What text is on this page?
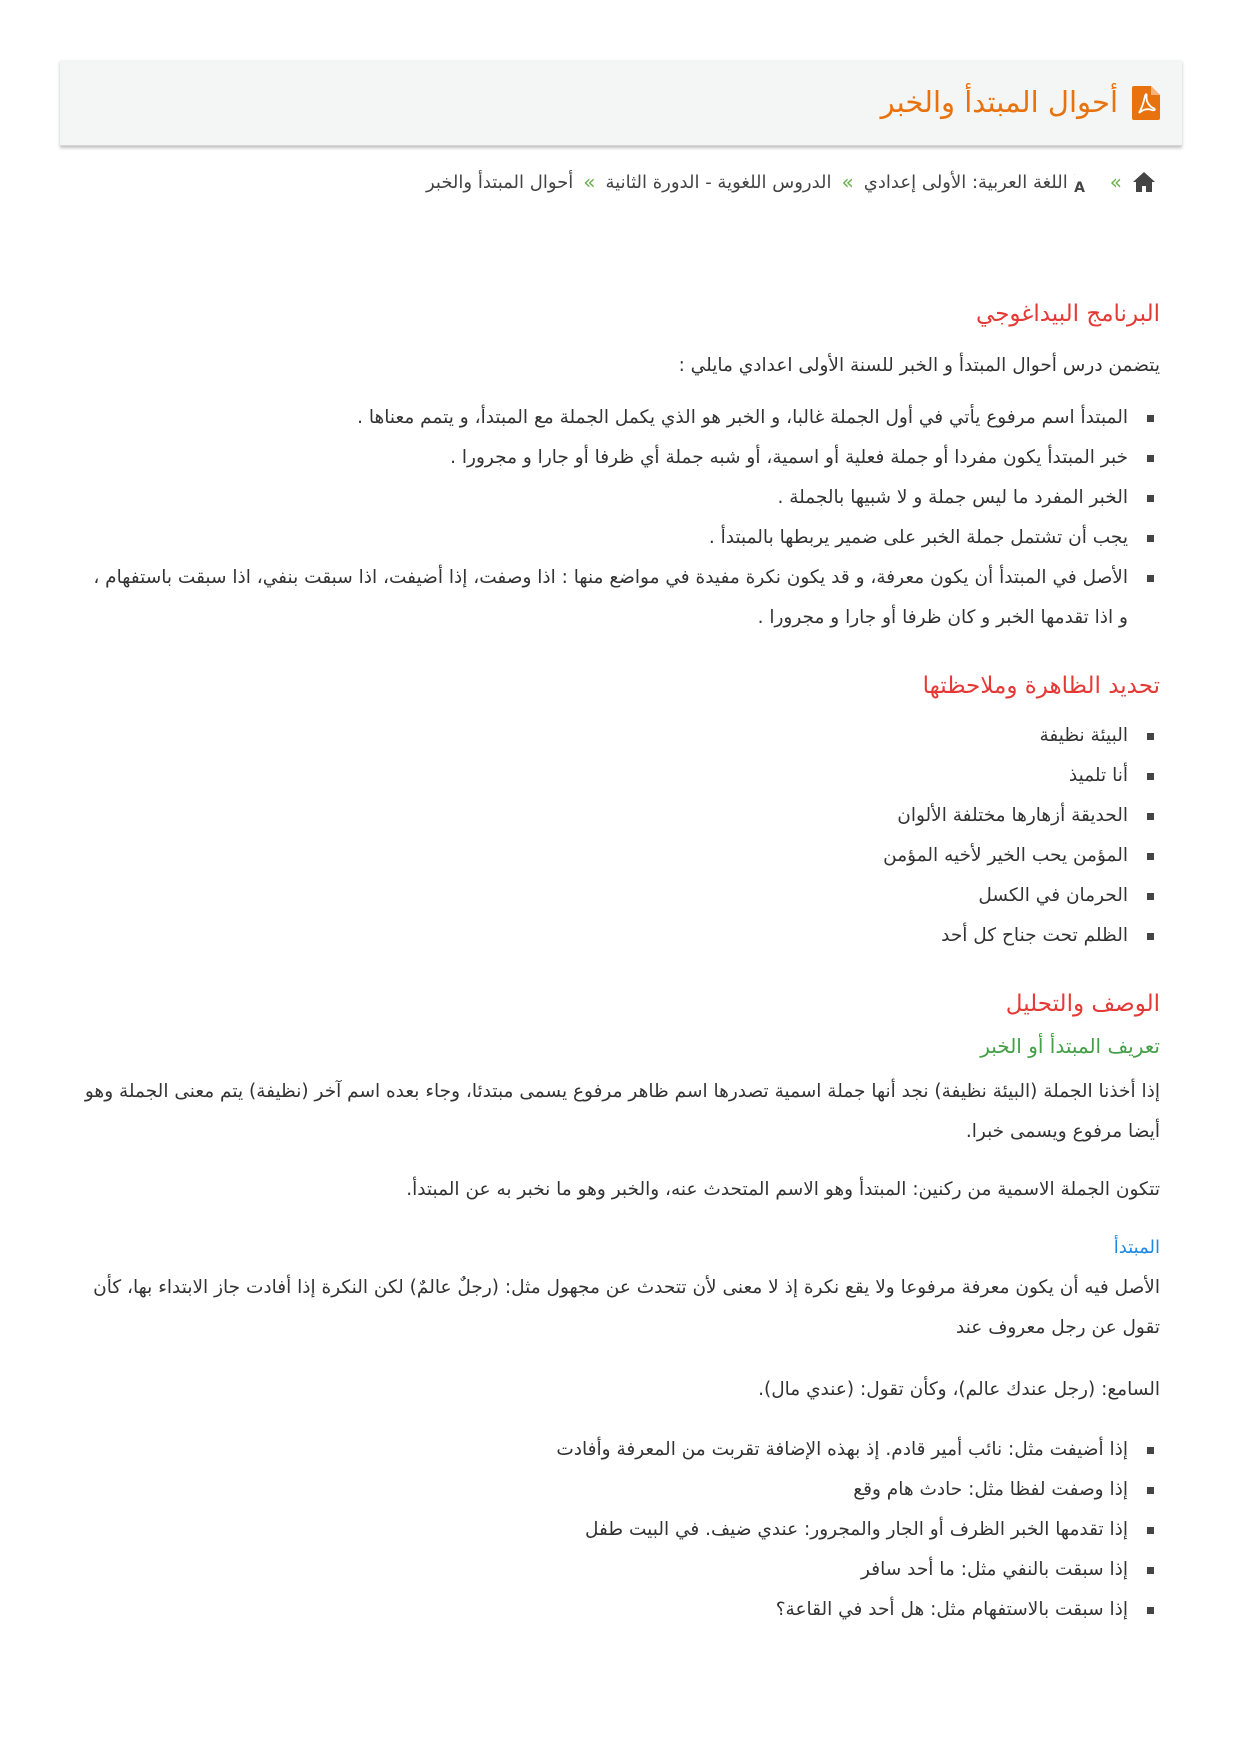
أحوال المبتدأ والخبر
»
A
اللغة العربية: الأولى إعدادي
»
الدروس اللغوية - الدورة الثانية
»
أحوال المبتدأ والخبر
البرنامج البيداغوجي

يتضمن درس أحوال المبتدأ و الخبر للسنة الأولى اعدادي مايلي :

المبتدأ اسم مرفوع يأتي في أول الجملة غالبا، و الخبر هو الذي يكمل الجملة مع المبتدأ، و يتمم معناها .
خبر المبتدأ يكون مفردا أو جملة فعلية أو اسمية، أو شبه جملة أي ظرفا أو جارا و مجرورا .
الخبر المفرد ما ليس جملة و لا شبيها بالجملة .
يجب أن تشتمل جملة الخبر على ضمير يربطها بالمبتدأ .
الأصل في المبتدأ أن يكون معرفة، و قد يكون نكرة مفيدة في مواضع منها : اذا وصفت، إذا أضيفت، اذا سبقت بنفي، اذا سبقت باستفهام ، و اذا تقدمها الخبر و كان ظرفا أو جارا و مجرورا .
تحديد الظاهرة وملاحظتها
البيئة نظيفة
أنا تلميذ
الحديقة أزهارها مختلفة الألوان
المؤمن يحب الخير لأخيه المؤمن
الحرمان في الكسل
الظلم تحت جناح كل أحد
الوصف والتحليل
تعريف المبتدأ أو الخبر

إذا أخذنا الجملة (البيئة نظيفة) نجد أنها جملة اسمية تصدرها اسم ظاهر مرفوع يسمى مبتدئا، وجاء بعده اسم آخر (نظيفة) يتم معنى الجملة وهو أيضا مرفوع ويسمى خبرا.

تتكون الجملة الاسمية من ركنين: المبتدأ وهو الاسم المتحدث عنه، والخبر وهو ما نخبر به عن المبتدأ.

المبتدأ

الأصل فيه أن يكون معرفة مرفوعا ولا يقع نكرة إذ لا معنى لأن تتحدث عن مجهول مثل: (رجلٌ عالمٌ) لكن النكرة إذا أفادت جاز الابتداء بها، كأن تقول عن رجل معروف عند

السامع: (رجل عندك عالم)، وكأن تقول: (عندي مال).

إذا أضيفت مثل: نائب أمير قادم. إذ بهذه الإضافة تقربت من المعرفة وأفادت
إذا وصفت لفظا مثل: حادث هام وقع
إذا تقدمها الخبر الظرف أو الجار والمجرور: عندي ضيف. في البيت طفل
إذا سبقت بالنفي مثل: ما أحد سافر
إذا سبقت بالاستفهام مثل: هل أحد في القاعة؟
